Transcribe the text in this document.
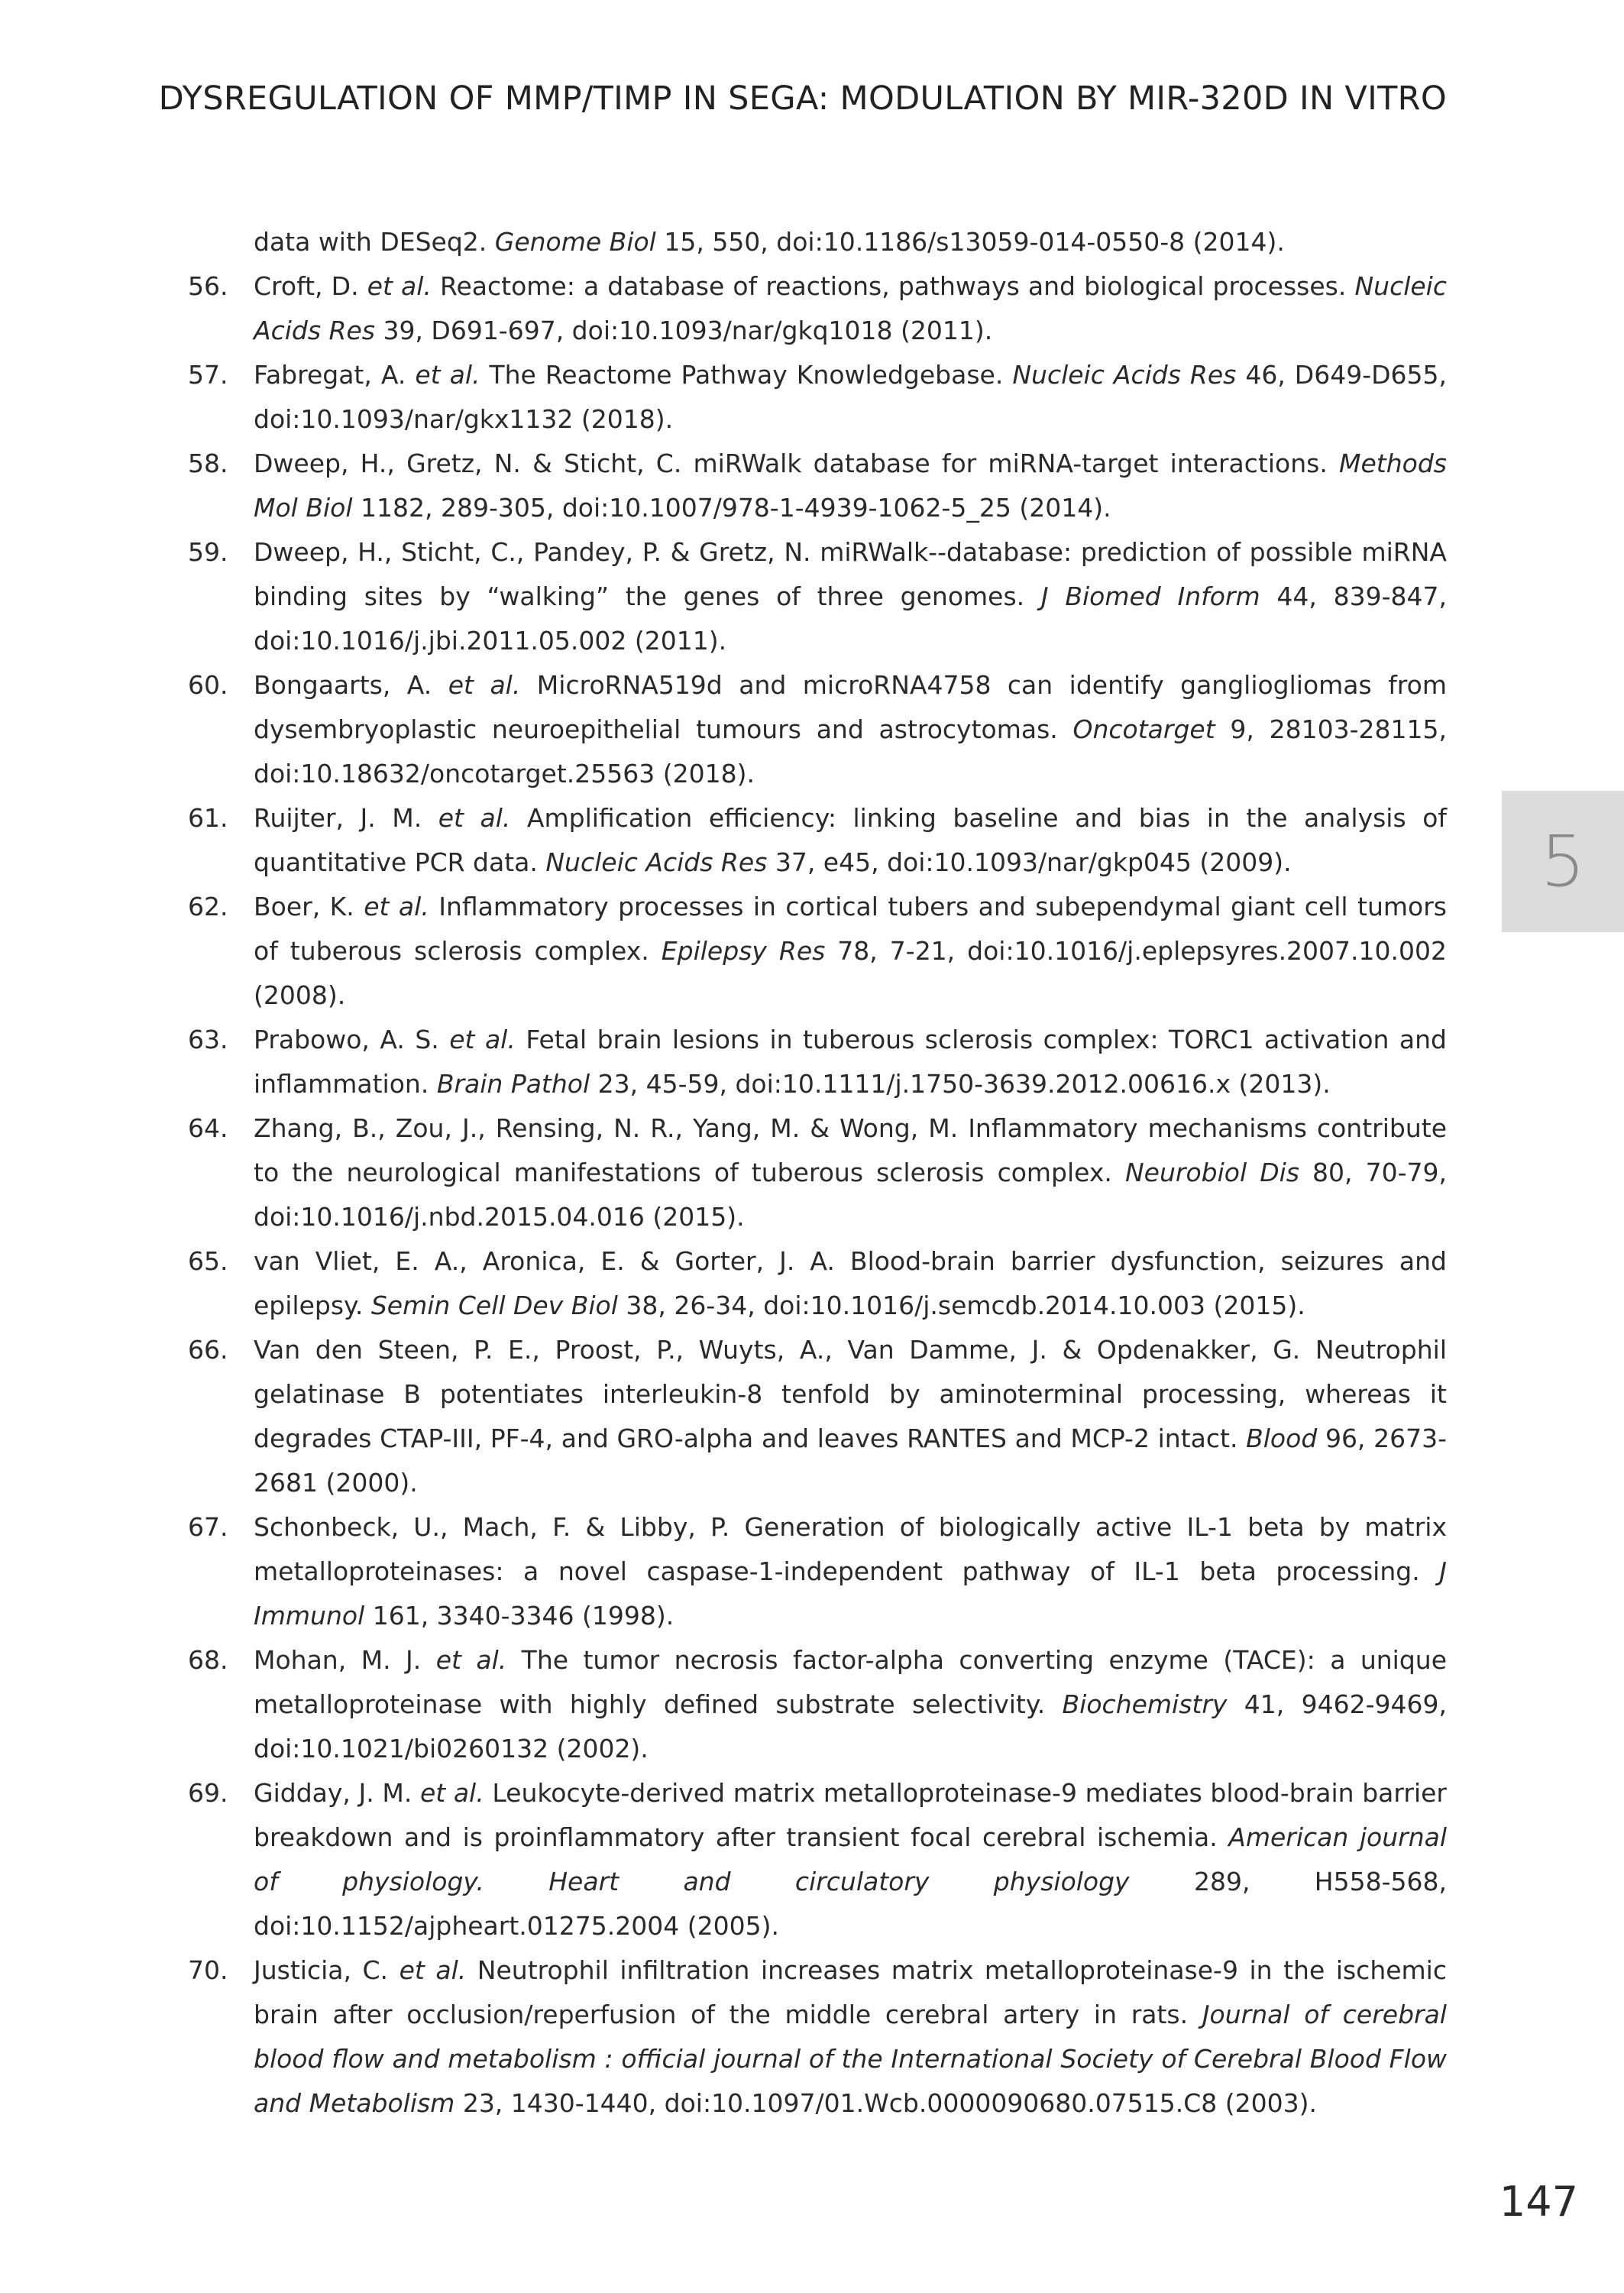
DYSREGULATION OF MMP/TIMP IN SEGA: MODULATION BY MIR-320D IN VITRO
data with DESeq2. Genome Biol 15, 550, doi:10.1186/s13059-014-0550-8 (2014).
56. Croft, D. et al. Reactome: a database of reactions, pathways and biological processes. Nucleic Acids Res 39, D691-697, doi:10.1093/nar/gkq1018 (2011).
57. Fabregat, A. et al. The Reactome Pathway Knowledgebase. Nucleic Acids Res 46, D649-D655, doi:10.1093/nar/gkx1132 (2018).
58. Dweep, H., Gretz, N. & Sticht, C. miRWalk database for miRNA-target interactions. Methods Mol Biol 1182, 289-305, doi:10.1007/978-1-4939-1062-5_25 (2014).
59. Dweep, H., Sticht, C., Pandey, P. & Gretz, N. miRWalk--database: prediction of possible miRNA binding sites by “walking” the genes of three genomes. J Biomed Inform 44, 839-847, doi:10.1016/j.jbi.2011.05.002 (2011).
60. Bongaarts, A. et al. MicroRNA519d and microRNA4758 can identify gangliogliomas from dysembryoplastic neuroepithelial tumours and astrocytomas. Oncotarget 9, 28103-28115, doi:10.18632/oncotarget.25563 (2018).
61. Ruijter, J. M. et al. Amplification efficiency: linking baseline and bias in the analysis of quantitative PCR data. Nucleic Acids Res 37, e45, doi:10.1093/nar/gkp045 (2009).
62. Boer, K. et al. Inflammatory processes in cortical tubers and subependymal giant cell tumors of tuberous sclerosis complex. Epilepsy Res 78, 7-21, doi:10.1016/j.eplepsyres.2007.10.002 (2008).
63. Prabowo, A. S. et al. Fetal brain lesions in tuberous sclerosis complex: TORC1 activation and inflammation. Brain Pathol 23, 45-59, doi:10.1111/j.1750-3639.2012.00616.x (2013).
64. Zhang, B., Zou, J., Rensing, N. R., Yang, M. & Wong, M. Inflammatory mechanisms contribute to the neurological manifestations of tuberous sclerosis complex. Neurobiol Dis 80, 70-79, doi:10.1016/j.nbd.2015.04.016 (2015).
65. van Vliet, E. A., Aronica, E. & Gorter, J. A. Blood-brain barrier dysfunction, seizures and epilepsy. Semin Cell Dev Biol 38, 26-34, doi:10.1016/j.semcdb.2014.10.003 (2015).
66. Van den Steen, P. E., Proost, P., Wuyts, A., Van Damme, J. & Opdenakker, G. Neutrophil gelatinase B potentiates interleukin-8 tenfold by aminoterminal processing, whereas it degrades CTAP-III, PF-4, and GRO-alpha and leaves RANTES and MCP-2 intact. Blood 96, 2673-2681 (2000).
67. Schonbeck, U., Mach, F. & Libby, P. Generation of biologically active IL-1 beta by matrix metalloproteinases: a novel caspase-1-independent pathway of IL-1 beta processing. J Immunol 161, 3340-3346 (1998).
68. Mohan, M. J. et al. The tumor necrosis factor-alpha converting enzyme (TACE): a unique metalloproteinase with highly defined substrate selectivity. Biochemistry 41, 9462-9469, doi:10.1021/bi0260132 (2002).
69. Gidday, J. M. et al. Leukocyte-derived matrix metalloproteinase-9 mediates blood-brain barrier breakdown and is proinflammatory after transient focal cerebral ischemia. American journal of physiology. Heart and circulatory physiology 289, H558-568, doi:10.1152/ajpheart.01275.2004 (2005).
70. Justicia, C. et al. Neutrophil infiltration increases matrix metalloproteinase-9 in the ischemic brain after occlusion/reperfusion of the middle cerebral artery in rats. Journal of cerebral blood flow and metabolism : official journal of the International Society of Cerebral Blood Flow and Metabolism 23, 1430-1440, doi:10.1097/01.Wcb.0000090680.07515.C8 (2003).
5
147
